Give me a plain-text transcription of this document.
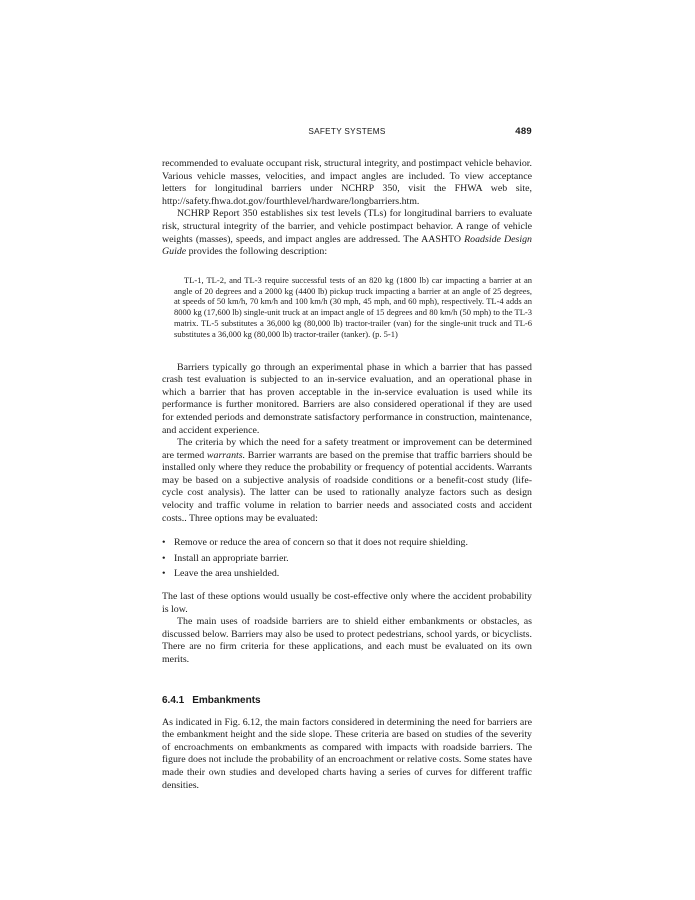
SAFETY SYSTEMS	489

recommended to evaluate occupant risk, structural integrity, and postimpact vehicle behavior. Various vehicle masses, velocities, and impact angles are included. To view acceptance letters for longitudinal barriers under NCHRP 350, visit the FHWA web site, http://safety.fhwa.dot.gov/fourthlevel/hardware/longbarriers.htm.

NCHRP Report 350 establishes six test levels (TLs) for longitudinal barriers to evaluate risk, structural integrity of the barrier, and vehicle postimpact behavior. A range of vehicle weights (masses), speeds, and impact angles are addressed. The AASHTO Roadside Design Guide provides the following description:

TL-1, TL-2, and TL-3 require successful tests of an 820 kg (1800 lb) car impacting a barrier at an angle of 20 degrees and a 2000 kg (4400 lb) pickup truck impacting a barrier at an angle of 25 degrees, at speeds of 50 km/h, 70 km/h and 100 km/h (30 mph, 45 mph, and 60 mph), respectively. TL-4 adds an 8000 kg (17,600 lb) single-unit truck at an impact angle of 15 degrees and 80 km/h (50 mph) to the TL-3 matrix. TL-5 substitutes a 36,000 kg (80,000 lb) tractor-trailer (van) for the single-unit truck and TL-6 substitutes a 36,000 kg (80,000 lb) tractor-trailer (tanker). (p. 5-1)

Barriers typically go through an experimental phase in which a barrier that has passed crash test evaluation is subjected to an in-service evaluation, and an operational phase in which a barrier that has proven acceptable in the in-service evaluation is used while its performance is further monitored. Barriers are also considered operational if they are used for extended periods and demonstrate satisfactory performance in construction, maintenance, and accident experience.

The criteria by which the need for a safety treatment or improvement can be determined are termed warrants. Barrier warrants are based on the premise that traffic barriers should be installed only where they reduce the probability or frequency of potential accidents. Warrants may be based on a subjective analysis of roadside conditions or a benefit-cost study (life-cycle cost analysis). The latter can be used to rationally analyze factors such as design velocity and traffic volume in relation to barrier needs and associated costs and accident costs.. Three options may be evaluated:

• Remove or reduce the area of concern so that it does not require shielding.
• Install an appropriate barrier.
• Leave the area unshielded.

The last of these options would usually be cost-effective only where the accident probability is low.

The main uses of roadside barriers are to shield either embankments or obstacles, as discussed below. Barriers may also be used to protect pedestrians, school yards, or bicyclists. There are no firm criteria for these applications, and each must be evaluated on its own merits.

6.4.1 Embankments

As indicated in Fig. 6.12, the main factors considered in determining the need for barriers are the embankment height and the side slope. These criteria are based on studies of the severity of encroachments on embankments as compared with impacts with roadside barriers. The figure does not include the probability of an encroachment or relative costs. Some states have made their own studies and developed charts having a series of curves for different traffic densities.
